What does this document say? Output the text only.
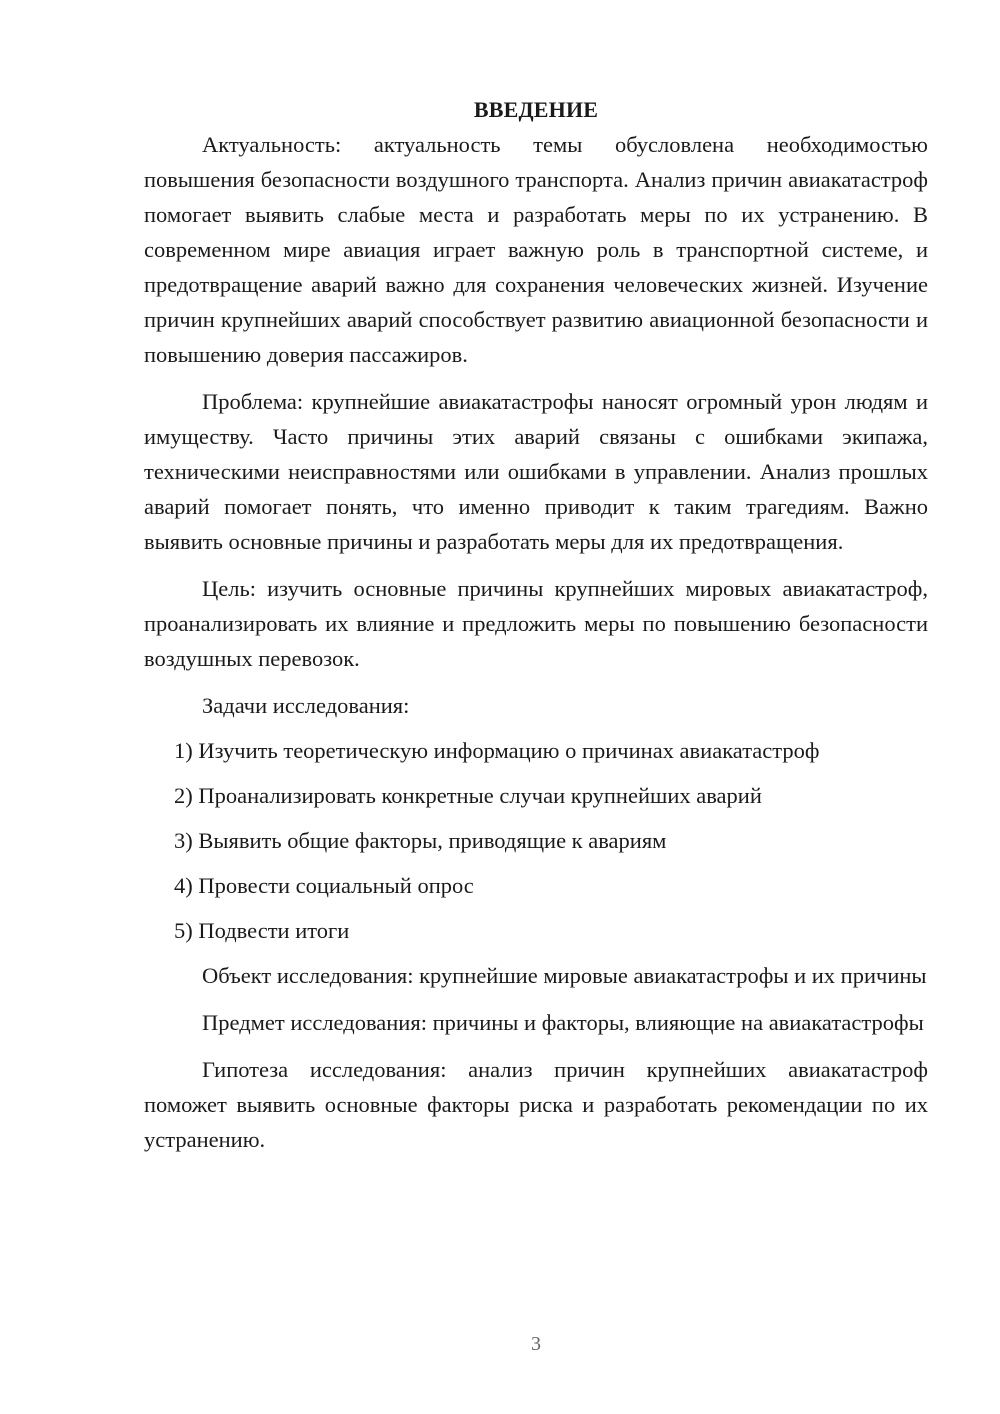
ВВЕДЕНИЕ

Актуальность: актуальность темы обусловлена необходимостью повышения безопасности воздушного транспорта. Анализ причин авиакатастроф помогает выявить слабые места и разработать меры по их устранению. В современном мире авиация играет важную роль в транспортной системе, и предотвращение аварий важно для сохранения человеческих жизней. Изучение причин крупнейших аварий способствует развитию авиационной безопасности и повышению доверия пассажиров.

Проблема: крупнейшие авиакатастрофы наносят огромный урон людям и имуществу. Часто причины этих аварий связаны с ошибками экипажа, техническими неисправностями или ошибками в управлении. Анализ прошлых аварий помогает понять, что именно приводит к таким трагедиям. Важно выявить основные причины и разработать меры для их предотвращения.

Цель: изучить основные причины крупнейших мировых авиакатастроф, проанализировать их влияние и предложить меры по повышению безопасности воздушных перевозок.

Задачи исследования:

1) Изучить теоретическую информацию о причинах авиакатастроф
2) Проанализировать конкретные случаи крупнейших аварий
3) Выявить общие факторы, приводящие к авариям
4) Провести социальный опрос
5) Подвести итоги

Объект исследования: крупнейшие мировые авиакатастрофы и их причины

Предмет исследования: причины и факторы, влияющие на авиакатастрофы

Гипотеза исследования: анализ причин крупнейших авиакатастроф поможет выявить основные факторы риска и разработать рекомендации по их устранению.

3
